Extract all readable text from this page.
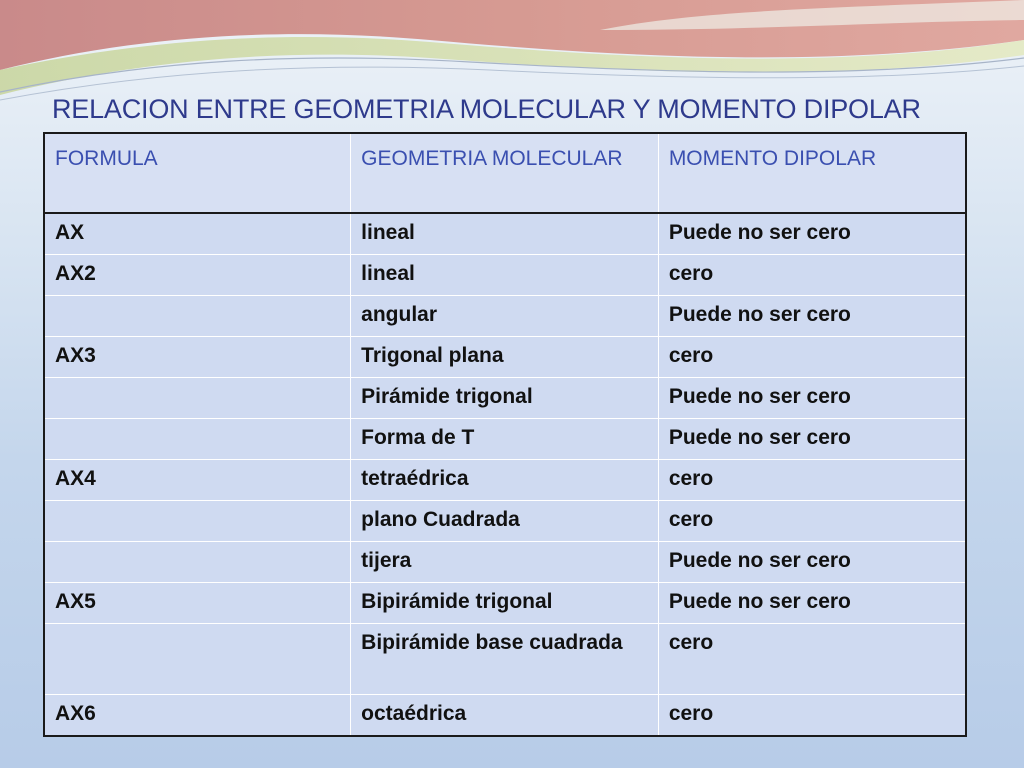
RELACION ENTRE GEOMETRIA MOLECULAR Y MOMENTO DIPOLAR
FORMULA	GEOMETRIA MOLECULAR	MOMENTO DIPOLAR
AX	lineal	Puede no ser cero
AX2	lineal	cero
	angular	Puede no ser cero
AX3	Trigonal plana	cero
	Pirámide trigonal	Puede no ser cero
	Forma de T	Puede no ser cero
AX4	tetraédrica	cero
	plano Cuadrada	cero
	tijera	Puede no ser cero
AX5	Bipirámide trigonal	Puede no ser cero
	Bipirámide base cuadrada	cero
AX6	octaédrica	cero
